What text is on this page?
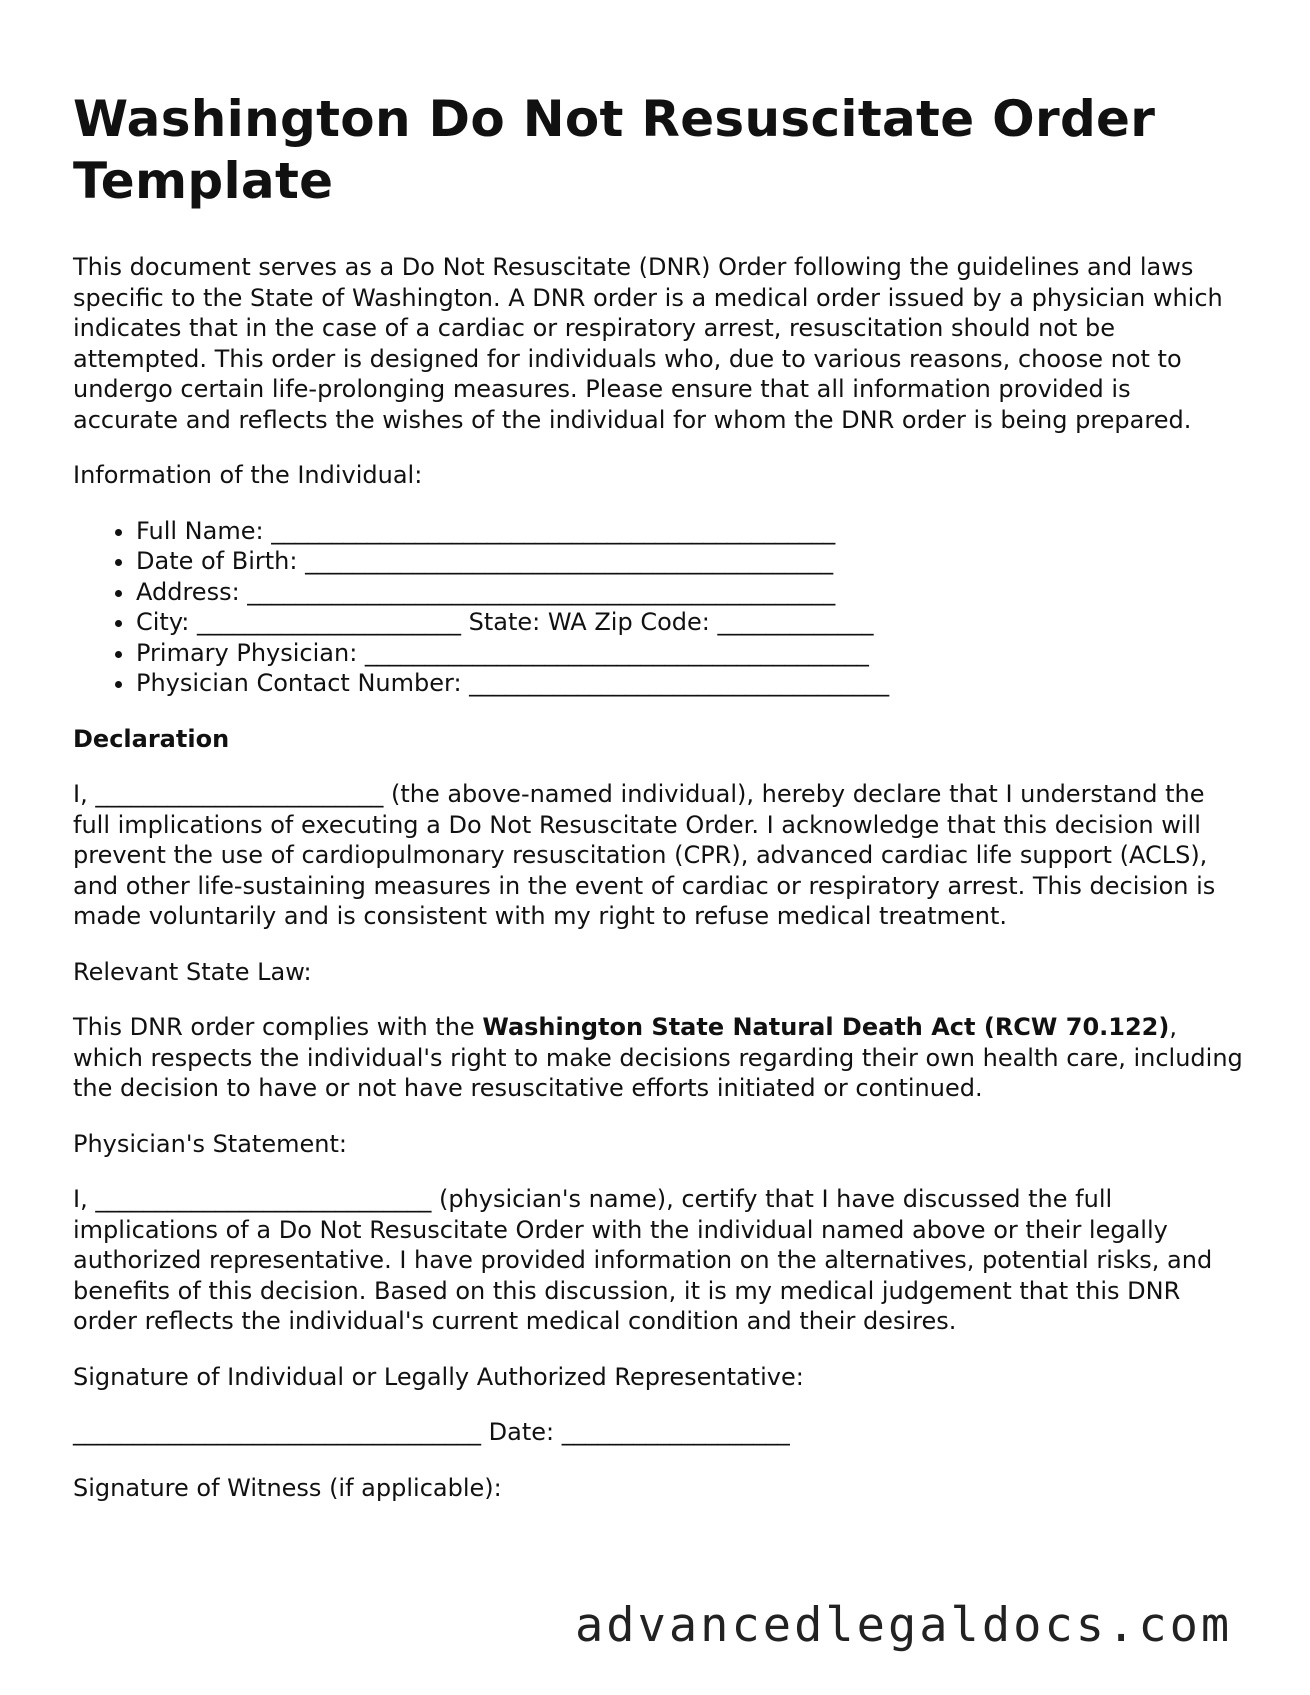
Washington Do Not Resuscitate Order Template

This document serves as a Do Not Resuscitate (DNR) Order following the guidelines and laws specific to the State of Washington. A DNR order is a medical order issued by a physician which indicates that in the case of a cardiac or respiratory arrest, resuscitation should not be attempted. This order is designed for individuals who, due to various reasons, choose not to undergo certain life-prolonging measures. Please ensure that all information provided is accurate and reflects the wishes of the individual for whom the DNR order is being prepared.

Information of the Individual:

• Full Name: _______________________________________________
• Date of Birth: ____________________________________________
• Address: _________________________________________________
• City: ______________________ State: WA Zip Code: _____________
• Primary Physician: __________________________________________
• Physician Contact Number: ___________________________________

Declaration

I, ________________________ (the above-named individual), hereby declare that I understand the full implications of executing a Do Not Resuscitate Order. I acknowledge that this decision will prevent the use of cardiopulmonary resuscitation (CPR), advanced cardiac life support (ACLS), and other life-sustaining measures in the event of cardiac or respiratory arrest. This decision is made voluntarily and is consistent with my right to refuse medical treatment.

Relevant State Law:

This DNR order complies with the Washington State Natural Death Act (RCW 70.122), which respects the individual's right to make decisions regarding their own health care, including the decision to have or not have resuscitative efforts initiated or continued.

Physician's Statement:

I, ____________________________ (physician's name), certify that I have discussed the full implications of a Do Not Resuscitate Order with the individual named above or their legally authorized representative. I have provided information on the alternatives, potential risks, and benefits of this decision. Based on this discussion, it is my medical judgement that this DNR order reflects the individual's current medical condition and their desires.

Signature of Individual or Legally Authorized Representative:

__________________________________ Date: ___________________

Signature of Witness (if applicable):

advancedlegaldocs.com
